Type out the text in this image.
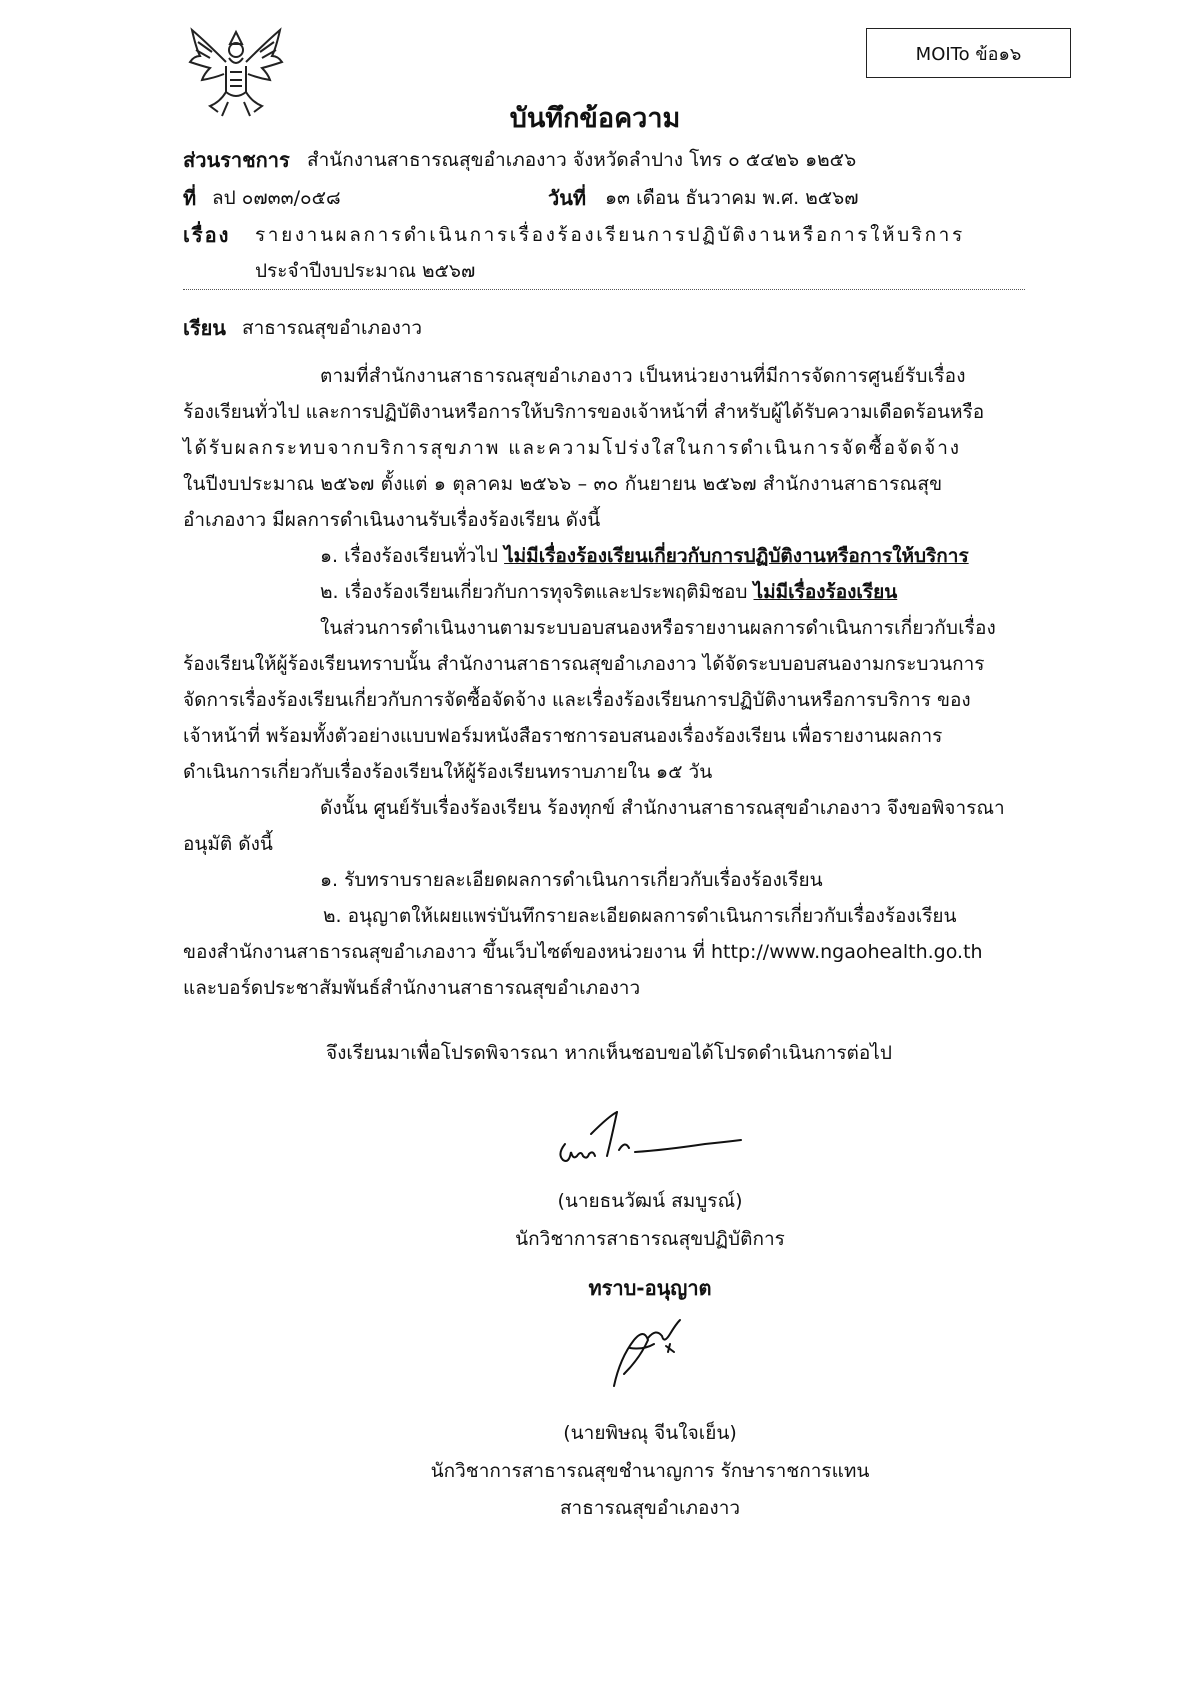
MOITo ข้อ๑๖
บันทึกข้อความ
ส่วนราชการ สำนักงานสาธารณสุขอำเภองาว จังหวัดลำปาง โทร ๐ ๕๔๒๖ ๑๒๕๖
ที่ ลป ๐๗๓๓/๐๕๘	วันที่ ๑๓ เดือน ธันวาคม พ.ศ. ๒๕๖๗
เรื่อง รายงานผลการดำเนินการเรื่องร้องเรียนการปฏิบัติงานหรือการให้บริการ
ประจำปีงบประมาณ ๒๕๖๗
เรียน สาธารณสุขอำเภองาว

ตามที่สำนักงานสาธารณสุขอำเภองาว เป็นหน่วยงานที่มีการจัดการศูนย์รับเรื่อง

ร้องเรียนทั่วไป และการปฏิบัติงานหรือการให้บริการของเจ้าหน้าที่ สำหรับผู้ได้รับความเดือดร้อนหรือ

ได้รับผลกระทบจากบริการสุขภาพ และความโปร่งใสในการดำเนินการจัดซื้อจัดจ้าง

ในปีงบประมาณ ๒๕๖๗ ตั้งแต่ ๑ ตุลาคม ๒๕๖๖ – ๓๐ กันยายน ๒๕๖๗ สำนักงานสาธารณสุข

อำเภองาว มีผลการดำเนินงานรับเรื่องร้องเรียน ดังนี้

๑. เรื่องร้องเรียนทั่วไป ไม่มีเรื่องร้องเรียนเกี่ยวกับการปฏิบัติงานหรือการให้บริการ

๒. เรื่องร้องเรียนเกี่ยวกับการทุจริตและประพฤติมิชอบ ไม่มีเรื่องร้องเรียน

ในส่วนการดำเนินงานตามระบบอบสนองหรือรายงานผลการดำเนินการเกี่ยวกับเรื่อง

ร้องเรียนให้ผู้ร้องเรียนทราบนั้น สำนักงานสาธารณสุขอำเภองาว ได้จัดระบบอบสนองามกระบวนการ

จัดการเรื่องร้องเรียนเกี่ยวกับการจัดซื้อจัดจ้าง และเรื่องร้องเรียนการปฏิบัติงานหรือการบริการ ของ

เจ้าหน้าที่ พร้อมทั้งตัวอย่างแบบฟอร์มหนังสือราชการอบสนองเรื่องร้องเรียน เพื่อรายงานผลการ

ดำเนินการเกี่ยวกับเรื่องร้องเรียนให้ผู้ร้องเรียนทราบภายใน ๑๕ วัน

ดังนั้น ศูนย์รับเรื่องร้องเรียน ร้องทุกข์ สำนักงานสาธารณสุขอำเภองาว จึงขอพิจารณา

อนุมัติ ดังนี้

๑. รับทราบรายละเอียดผลการดำเนินการเกี่ยวกับเรื่องร้องเรียน

๒. อนุญาตให้เผยแพร่บันทึกรายละเอียดผลการดำเนินการเกี่ยวกับเรื่องร้องเรียน

ของสำนักงานสาธารณสุขอำเภองาว ขึ้นเว็บไซต์ของหน่วยงาน ที่ http://www.ngaohealth.go.th

และบอร์ดประชาสัมพันธ์สำนักงานสาธารณสุขอำเภองาว

จึงเรียนมาเพื่อโปรดพิจารณา หากเห็นชอบขอได้โปรดดำเนินการต่อไป
(นายธนวัฒน์ สมบูรณ์)
นักวิชาการสาธารณสุขปฏิบัติการ
ทราบ-อนุญาต
(นายพิษณุ จีนใจเย็น)
นักวิชาการสาธารณสุขชำนาญการ รักษาราชการแทน
สาธารณสุขอำเภองาว
